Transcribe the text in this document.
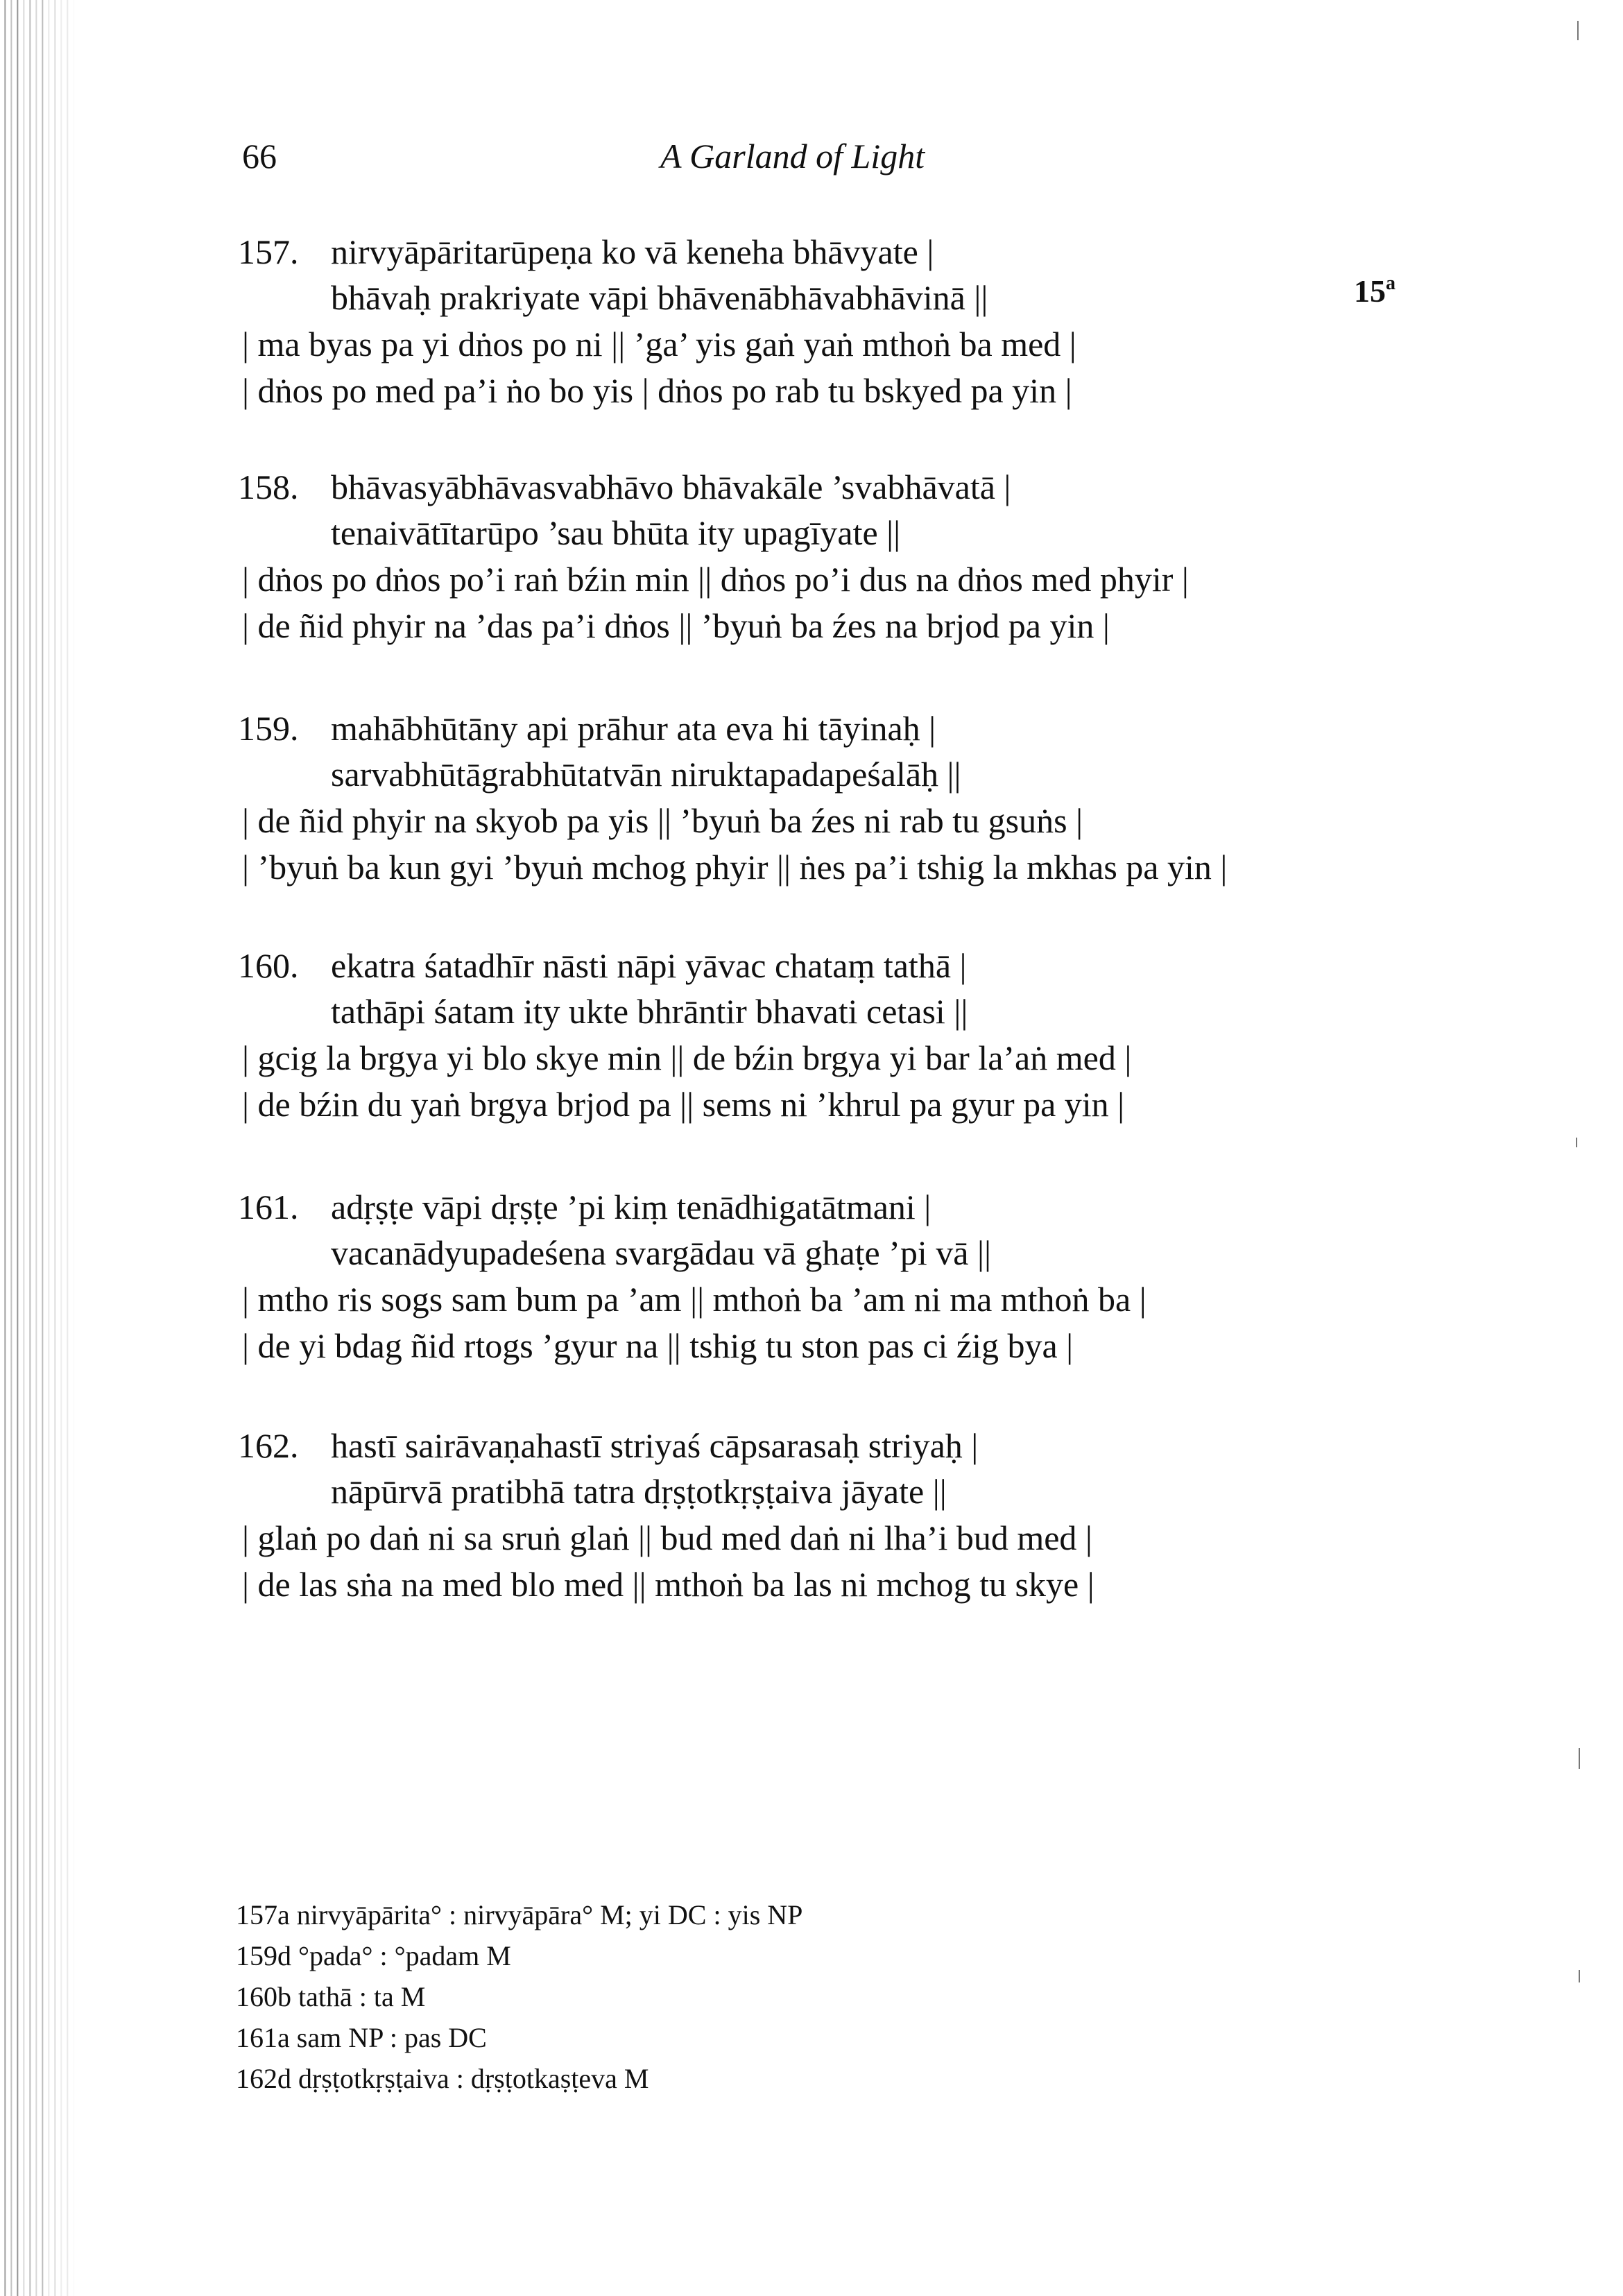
66	A Garland of Light
15$^a$
157. nirvyāpāritarūpeṇa ko vā keneha bhāvyate |
bhāvaḥ prakriyate vāpi bhāvenābhāvabhāvinā ||
| ma byas pa yi dṅos po ni || ’ga’ yis gaṅ yaṅ mthoṅ ba med |
| dṅos po med pa’i ṅo bo yis | dṅos po rab tu bskyed pa yin |
158. bhāvasyābhāvasvabhāvo bhāvakāle ’svabhāvatā |
tenaivātītarūpo ’sau bhūta ity upagīyate ||
| dṅos po dṅos po’i raṅ bźin min || dṅos po’i dus na dṅos med phyir |
| de ñid phyir na ’das pa’i dṅos || ’byuṅ ba źes na brjod pa yin |
159. mahābhūtāny api prāhur ata eva hi tāyinaḥ |
sarvabhūtāgrabhūtatvān niruktapadapeśalāḥ ||
| de ñid phyir na skyob pa yis || ’byuṅ ba źes ni rab tu gsuṅs |
| ’byuṅ ba kun gyi ’byuṅ mchog phyir || ṅes pa’i tshig la mkhas pa yin |
160. ekatra śatadhīr nāsti nāpi yāvac chataṃ tathā |
tathāpi śatam ity ukte bhrāntir bhavati cetasi ||
| gcig la brgya yi blo skye min || de bźin brgya yi bar la’aṅ med |
| de bźin du yaṅ brgya brjod pa || sems ni ’khrul pa gyur pa yin |
161. adṛṣṭe vāpi dṛṣṭe ’pi kiṃ tenādhigatātmani |
vacanādyupadeśena svargādau vā ghaṭe ’pi vā ||
| mtho ris sogs sam bum pa ’am || mthoṅ ba ’am ni ma mthoṅ ba |
| de yi bdag ñid rtogs ’gyur na || tshig tu ston pas ci źig bya |
162. hastī sairāvaṇahastī striyaś cāpsarasaḥ striyaḥ |
nāpūrvā pratibhā tatra dṛṣṭotkṛṣṭaiva jāyate ||
| glaṅ po daṅ ni sa sruṅ glaṅ || bud med daṅ ni lha’i bud med |
| de las sṅa na med blo med || mthoṅ ba las ni mchog tu skye |
157a nirvyāpārita° : nirvyāpāra° M; yi DC : yis NP
159d °pada° : °padam M
160b tathā : ta M
161a sam NP : pas DC
162d dṛṣṭotkṛṣṭaiva : dṛṣṭotkaṣṭeva M
